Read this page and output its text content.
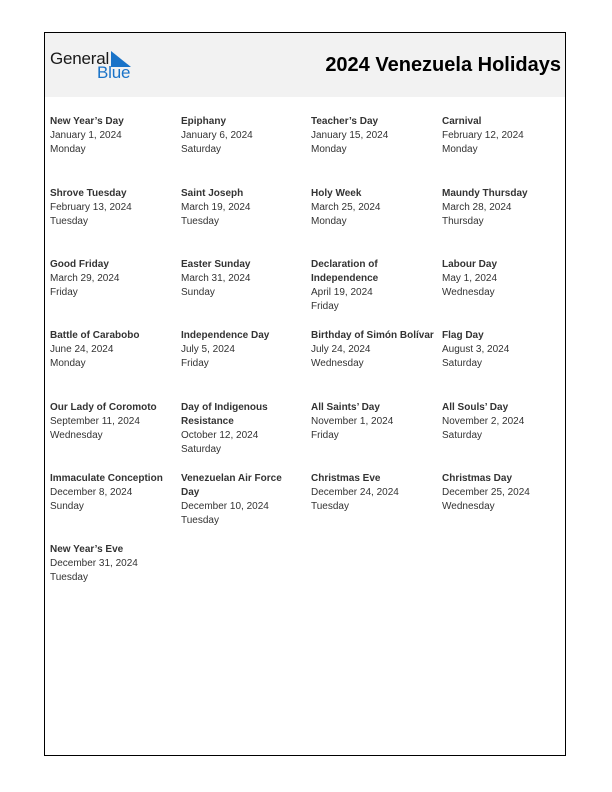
General
Blue	2024 Venezuela Holidays
New Year’s Day
January 1, 2024
Monday
Epiphany
January 6, 2024
Saturday
Teacher’s Day
January 15, 2024
Monday
Carnival
February 12, 2024
Monday
Shrove Tuesday
February 13, 2024
Tuesday
Saint Joseph
March 19, 2024
Tuesday
Holy Week
March 25, 2024
Monday
Maundy Thursday
March 28, 2024
Thursday
Good Friday
March 29, 2024
Friday
Easter Sunday
March 31, 2024
Sunday
Declaration of Independence
April 19, 2024
Friday
Labour Day
May 1, 2024
Wednesday
Battle of Carabobo
June 24, 2024
Monday
Independence Day
July 5, 2024
Friday
Birthday of Simón Bolívar
July 24, 2024
Wednesday
Flag Day
August 3, 2024
Saturday
Our Lady of Coromoto
September 11, 2024
Wednesday
Day of Indigenous Resistance
October 12, 2024
Saturday
All Saints’ Day
November 1, 2024
Friday
All Souls’ Day
November 2, 2024
Saturday
Immaculate Conception
December 8, 2024
Sunday
Venezuelan Air Force Day
December 10, 2024
Tuesday
Christmas Eve
December 24, 2024
Tuesday
Christmas Day
December 25, 2024
Wednesday
New Year’s Eve
December 31, 2024
Tuesday
